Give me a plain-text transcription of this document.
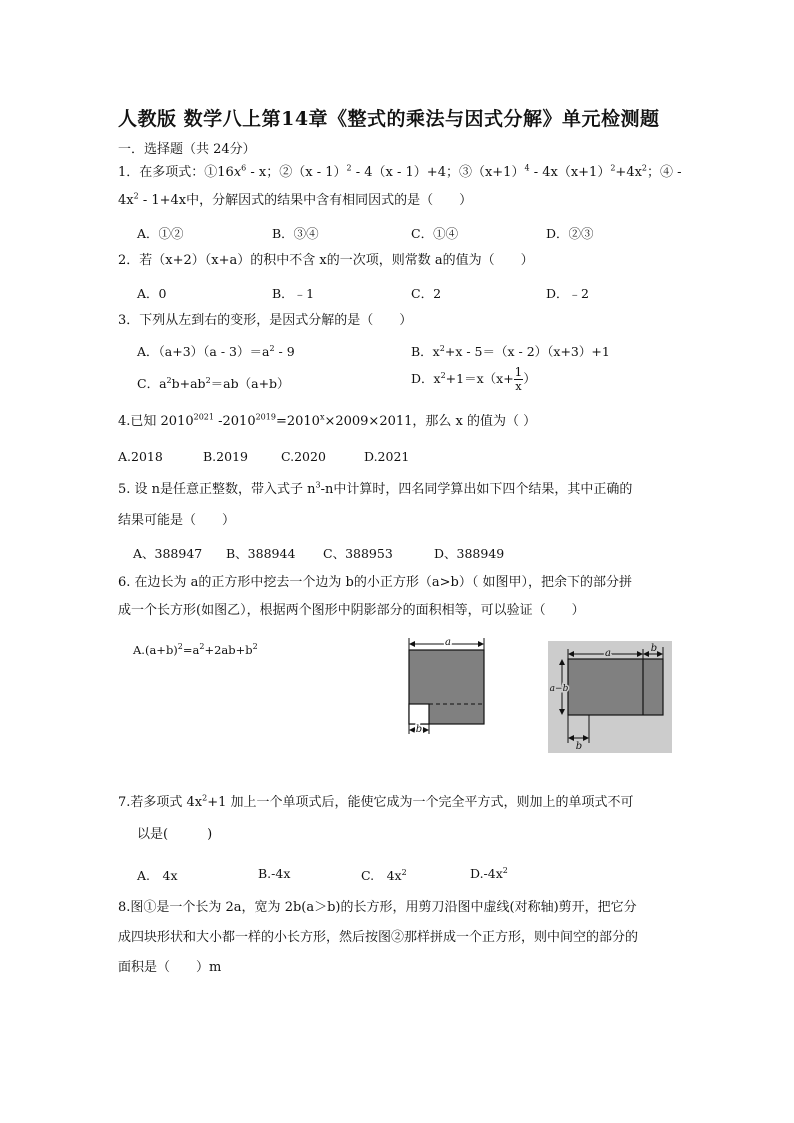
人教版 数学八上第14章《整式的乘法与因式分解》单元检测题
一．选择题（共 24分）
1．在多项式：$①16x^6$ - x；②（x - 1）$^2$ - 4（x - 1）+4；$③(x+1)^4 - 4x(x+1)^2+4x^2$；④ -
$4x^2 - 1+4x$中，分解因式的结果中含有相同因式的是（　　）
A．①②	B．③④	C．①④	D．②③
2．若（x+2）（x+a）的积中不含 x的一次项，则常数 a的值为（　　）
A．0	B．﹣1	C．2	D．﹣2
3．下列从左到右的变形，是因式分解的是（　　）
A．$(a+3)(a - 3)=a^2 - 9$	B．$x^2+x - 5=(x - 2)(x+3)+1$
C．$a^2b+ab^2=ab(a+b)$	D．$x^2+1=x(x+ \frac{1}{x}$ ）
4.已知 $2010^{2021}$ $-2010^{2019}=2010^x\times 2009\times 2011$，那么 x 的值为（ ）
A.2018	B.2019	C.2020	D.2021
5. 设 n是任意正整数，带入式子 $n^3-n$中计算时，四名同学算出如下四个结果，其中正确的
结果可能是（　　）
A、388947 B、388944 C、388953	D、388949
6. 在边长为 a的正方形中挖去一个边为 b的小正方形（a>b）（ 如图甲），把余下的部分拼
成一个长方形(如图乙），根据两个图形中阴影部分的面积相等，可以验证（　　）
$A.(a+b)^2=a^2+2ab+b^2$	a
b
a	b
a−b
b
7.若多项式 $4x^2+1$ 加上一个单项式后，能使它成为一个完全平方式，则加上的单项式不可
以是(　　　)
A.　4x	B.-4x	C.　$4x^2$	$D.-4x^2$
8.图①是一个长为 2a，宽为 2b(a＞b)的长方形，用剪刀沿图中虚线(对称轴)剪开，把它分
成四块形状和大小都一样的小长方形，然后按图②那样拼成一个正方形，则中间空的部分的
面积是（　　）m
